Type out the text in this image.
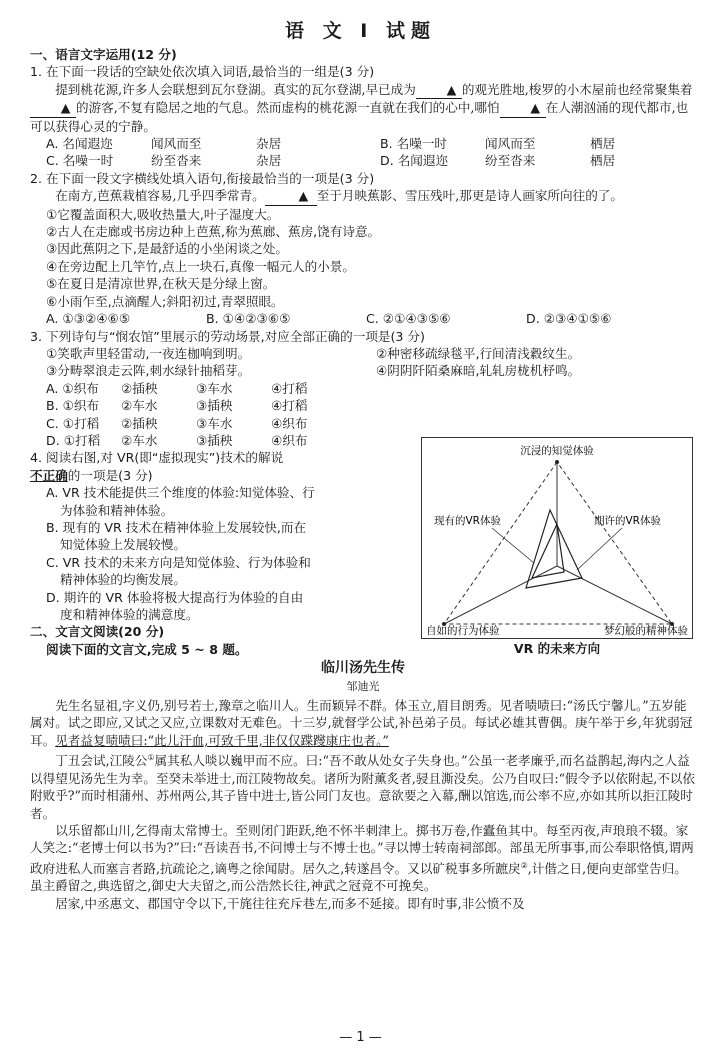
语 文 Ⅰ 试题
一、语言文字运用(12 分)
1. 在下面一段话的空缺处依次填入词语,最恰当的一组是(3 分)
提到桃花源,许多人会联想到瓦尔登湖。真实的瓦尔登湖,早已成为 ▲ 的观光胜地,梭罗的小木屋前也经常聚集着▲ 的游客,不复有隐居之地的气息。然而虚构的桃花源一直就在我们的心中,哪怕 ▲ 在人潮汹涌的现代都市,也可以获得心灵的宁静。
A. 名闻遐迩	闻风而至	杂居	B. 名噪一时	闻风而至	栖居
C. 名噪一时	纷至沓来	杂居	D. 名闻遐迩	纷至沓来	栖居
2. 在下面一段文字横线处填入语句,衔接最恰当的一项是(3 分)
在南方,芭蕉栽植容易,几乎四季常青。	▲ 至于月映蕉影、雪压残叶,那更是诗人画家所向往的了。
①它覆盖面积大,吸收热量大,叶子湿度大。
②古人在走廊或书房边种上芭蕉,称为蕉廊、蕉房,饶有诗意。
③因此蕉阴之下,是最舒适的小坐闲谈之处。
④在旁边配上几竿竹,点上一块石,真像一幅元人的小景。
⑤在夏日是清凉世界,在秋天是分绿上窗。
⑥小雨乍至,点滴醒人;斜阳初过,青翠照眼。
A. ①③②④⑥⑤	B. ①④②③⑥⑤	C. ②①④③⑤⑥	D. ②③④①⑤⑥
3. 下列诗句与“悯农馆”里展示的劳动场景,对应全部正确的一项是(3 分)
①笑歌声里轻雷动,一夜连枷响到明。	②种密移疏绿毯平,行间清浅縠纹生。
③分畴翠浪走云阵,刺水绿针抽稻芽。	④阴阴阡陌桑麻暗,轧轧房栊机杼鸣。
A. ①织布	②插秧	③车水	④打稻
B. ①织布	②车水	③插秧	④打稻
C. ①打稻	②插秧	③车水	④织布
D. ①打稻	②车水	③插秧	④织布
4. 阅读右图,对 VR(即“虚拟现实”)技术的解说
不正确的一项是(3 分)
A. VR 技术能提供三个维度的体验:知觉体验、行
为体验和精神体验。
B. 现有的 VR 技术在精神体验上发展较快,而在
知觉体验上发展较慢。
C. VR 技术的未来方向是知觉体验、行为体验和
精神体验的均衡发展。
D. 期许的 VR 体验将极大提高行为体验的自由
度和精神体验的满意度。
二、文言文阅读(20 分)
阅读下面的文言文,完成 5 ~ 8 题。
临川汤先生传
邹迪光
先生名显祖,字义仍,别号若士,豫章之临川人。生而颖异不群。体玉立,眉目朗秀。见者啧啧曰:“汤氏宁馨儿。”五岁能属对。试之即应,又试之又应,立课数对无难色。十三岁,就督学公试,补邑弟子员。每试必雄其曹偶。庚午举于乡,年犹弱冠耳。见者益复啧啧曰:“此儿汗血,可致千里,非仅仅蹀躞康庄也者。”
丁丑会试,江陵公①属其私人啖以巍甲而不应。曰:“吾不敢从处女子失身也。”公虽一老孝廉乎,而名益鹊起,海内之人益以得望见汤先生为幸。至癸未举进士,而江陵物故矣。诸所为附薰炙者,骎且澌没矣。公乃自叹曰:“假令予以依附起,不以依附败乎?”而时相蒲州、苏州两公,其子皆中进士,皆公同门友也。意欲要之入幕,酬以馆选,而公率不应,亦如其所以拒江陵时者。
以乐留都山川,乞得南太常博士。至则闭门距跃,绝不怀半刺津上。掷书万卷,作蠹鱼其中。每至丙夜,声琅琅不辍。家人笑之:“老博士何以书为?”曰:“吾读吾书,不问博士与不博士也。”寻以博士转南祠部郎。部虽无所事事,而公奉职恪慎,谓两政府进私人而塞言者路,抗疏论之,谪粤之徐闻尉。居久之,转遂昌令。又以矿税事多所蹠戾②,计偕之日,便向吏部堂告归。虽主爵留之,典选留之,御史大夫留之,而公浩然长往,神武之冠竟不可挽矣。
居家,中丞惠文、郡国守令以下,干旄往往充斥巷左,而多不延接。即有时事,非公愤不及
沉浸的知觉体验
现有的VR体验	期许的VR体验
自如的行为体验	梦幻般的精神体验
VR 的未来方向
— 1 —
